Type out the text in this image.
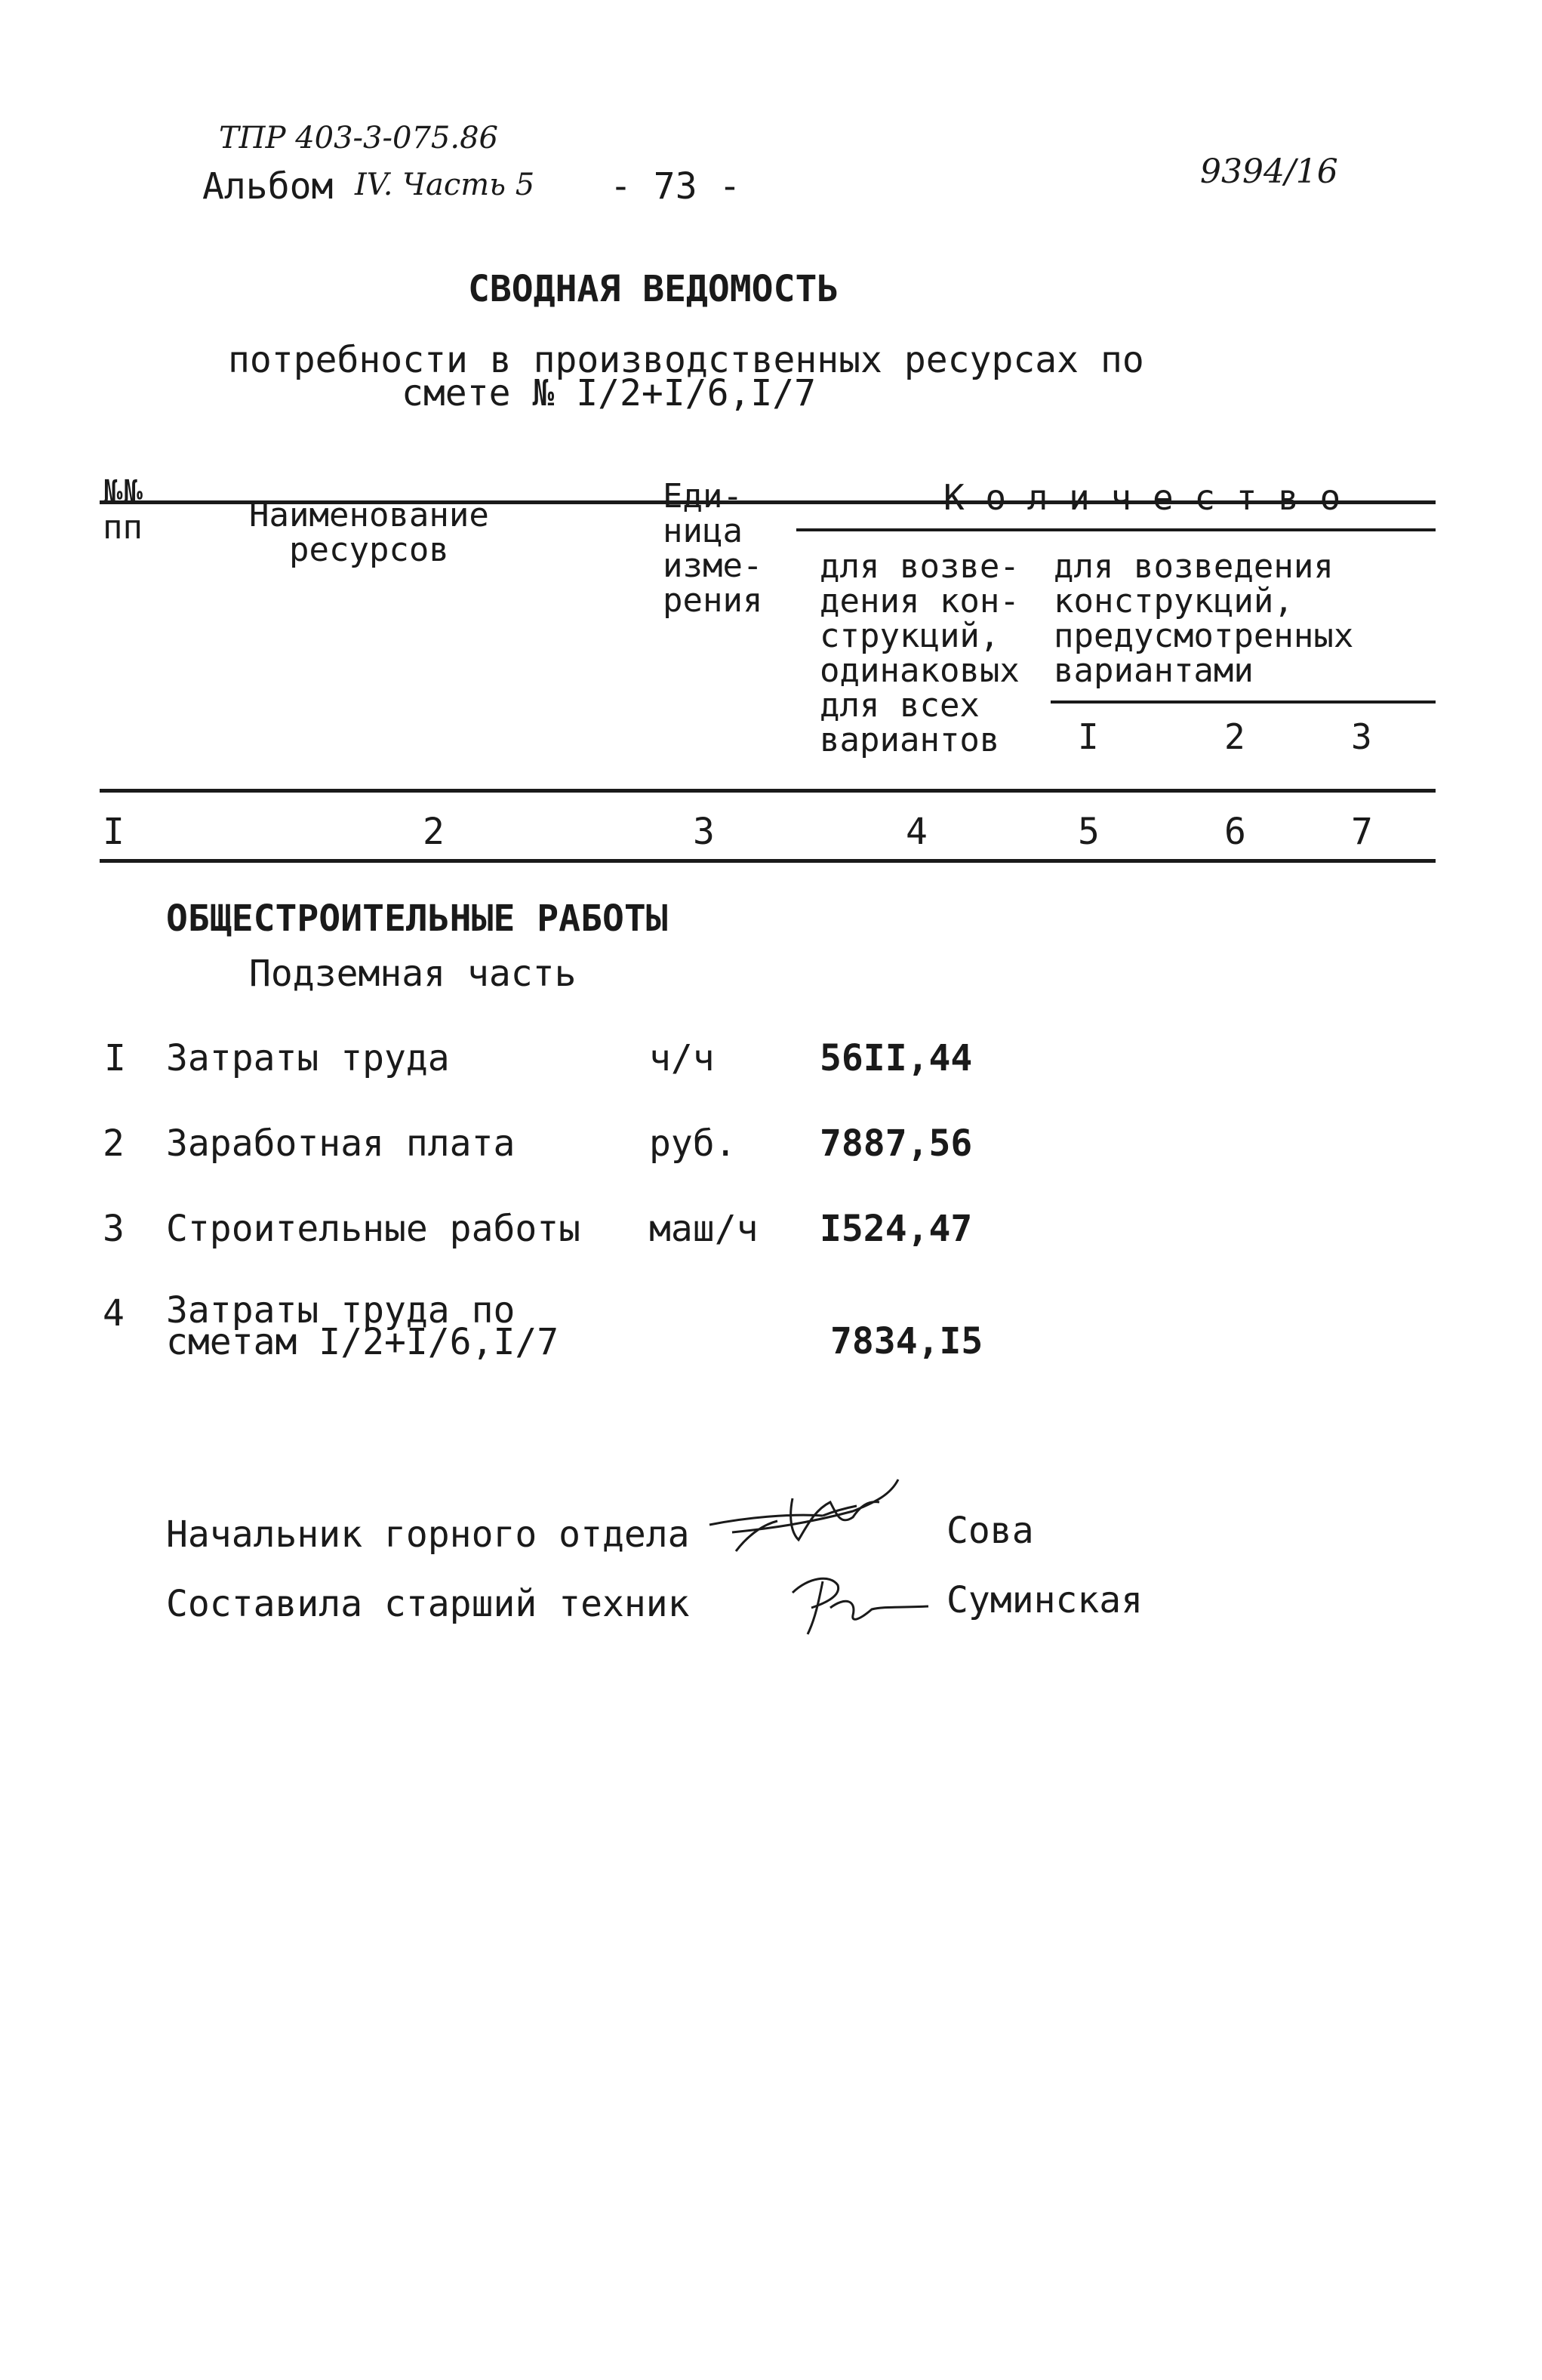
ТПР 403-3-075.86
Альбом IV. Часть 5 - 73 -	9394/16
СВОДНАЯ ВЕДОМОСТЬ
потребности в производственных ресурсах по
смете № I/2+I/6,I/7
№№
пп	Наименование
ресурсов
Еди-
ница
изме-
рения
К о л и ч е с т в о
для возве-
дения кон-
струкций,
одинаковых
для всех
вариантов
для возведения
конструкций,
предусмотренных
вариантами
I	2	3
I	2	3	4	5	6	7
ОБЩЕСТРОИТЕЛЬНЫЕ РАБОТЫ
Подземная часть
I Затраты труда	ч/ч	56II,44
2 Заработная плата	руб. 7887,56
3 Строительные работы маш/ч I524,47
4 Затраты труда по
сметам I/2+I/6,I/7	7834,I5
Начальник горного отдела	Сова
Составила старший техник	Суминская
